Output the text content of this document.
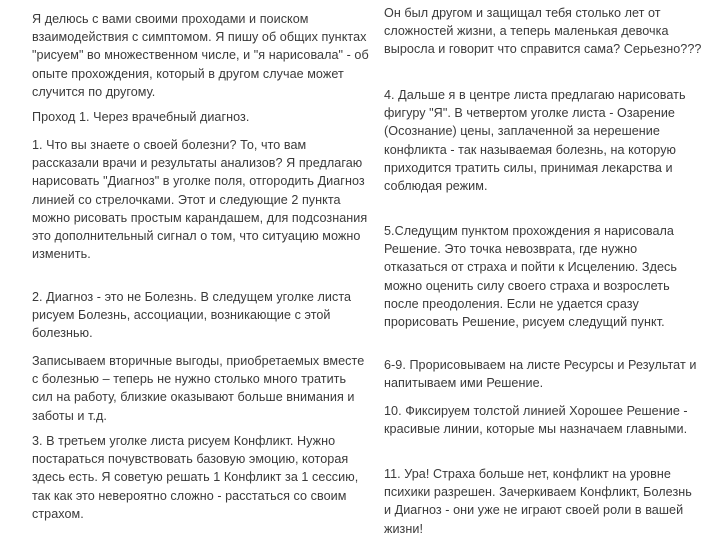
Я делюсь с вами своими проходами и поиском взаимодействия с симптомом. Я пишу об общих пунктах "рисуем" во множественном числе, и "я нарисовала" - об опыте прохождения, который в другом случае может случится по другому.

Проход 1. Через врачебный диагноз.

1. Что вы знаете о своей болезни? То, что вам рассказали врачи и результаты анализов? Я предлагаю нарисовать "Диагноз" в уголке поля, отгородить Диагноз линией со стрелочками. Этот и следующие 2 пункта можно рисовать простым карандашем, для подсознания это дополнительный сигнал о том, что ситуацию можно изменить.

2. Диагноз - это не Болезнь. В следущем уголке листа рисуем Болезнь, ассоциации, возникающие с этой болезнью.

Записываем вторичные выгоды, приобретаемых вместе с болезнью – теперь не нужно столько много тратить сил на работу, близкие оказывают больше внимания и заботы и т.д.

3. В третьем уголке листа рисуем Конфликт. Нужно постараться почувствовать базовую эмоцию, которая здесь есть. Я советую решать 1 Конфликт за 1 сессию, так как это невероятно сложно - расстаться со своим страхом.

Он был другом и защищал тебя столько лет от сложностей жизни, а теперь маленькая девочка выросла и говорит что справится сама? Серьезно???

4. Дальше я в центре листа предлагаю нарисовать фигуру "Я". В четвертом уголке листа - Озарение (Осознание) цены, заплаченной за нерешение конфликта - так называемая болезнь, на которую приходится тратить силы, принимая лекарства и соблюдая режим.

5.Следущим пунктом прохождения я нарисовала Решение. Это точка невозврата, где нужно отказаться от страха и пойти к Исцелению. Здесь можно оценить силу своего страха и возрослеть после преодоления. Если не удается сразу прорисовать Решение, рисуем следущий пункт.

6-9. Прорисовываем на листе Ресурсы и Результат и напитываем ими Решение.

10. Фиксируем толстой линией Хорошее Решение - красивые линии, которые мы назначаем главными.

11. Ура! Страха больше нет, конфликт на уровне психики разрешен. Зачеркиваем Конфликт, Болезнь и Диагноз - они уже не играют своей роли в вашей жизни!
